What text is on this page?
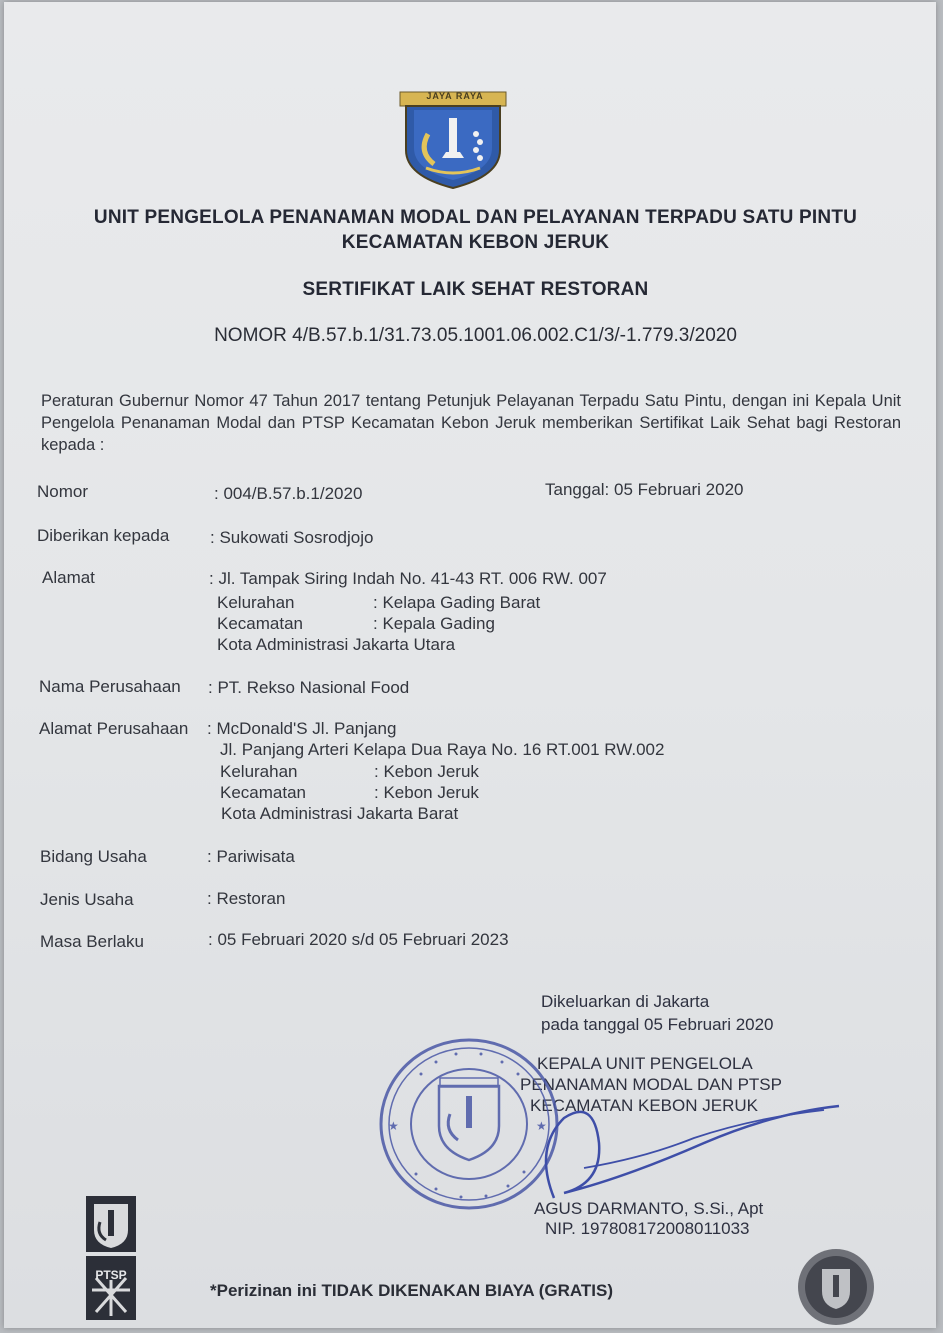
JAYA RAYA
UNIT PENGELOLA PENANAMAN MODAL DAN PELAYANAN TERPADU SATU PINTU
KECAMATAN KEBON JERUK
SERTIFIKAT LAIK SEHAT RESTORAN
NOMOR 4/B.57.b.1/31.73.05.1001.06.002.C1/3/-1.779.3/2020
Peraturan Gubernur Nomor 47 Tahun 2017 tentang Petunjuk Pelayanan Terpadu Satu Pintu, dengan ini Kepala Unit Pengelola Penanaman Modal dan PTSP Kecamatan Kebon Jeruk memberikan Sertifikat Laik Sehat bagi Restoran kepada :
Nomor	: 004/B.57.b.1/2020	Tanggal: 05 Februari 2020
Diberikan kepada : Sukowati Sosrodjojo
Alamat	: Jl. Tampak Siring Indah No. 41-43 RT. 006 RW. 007
Kelurahan	: Kelapa Gading Barat
Kecamatan	: Kepala Gading
Kota Administrasi Jakarta Utara
Nama Perusahaan : PT. Rekso Nasional Food
Alamat Perusahaan : McDonald'S Jl. Panjang
Jl. Panjang Arteri Kelapa Dua Raya No. 16 RT.001 RW.002
Kelurahan	: Kebon Jeruk
Kecamatan	: Kebon Jeruk
Kota Administrasi Jakarta Barat
Bidang Usaha	: Pariwisata
Jenis Usaha	: Restoran
Masa Berlaku	: 05 Februari 2020 s/d 05 Februari 2023
Dikeluarkan di Jakarta
pada tanggal 05 Februari 2020
KEPALA UNIT PENGELOLA
PENANAMAN MODAL DAN PTSP
KECAMATAN KEBON JERUK
★	★
AGUS DARMANTO, S.Si., Apt
NIP. 197808172008011033
PTSP
*Perizinan ini TIDAK DIKENAKAN BIAYA (GRATIS)
